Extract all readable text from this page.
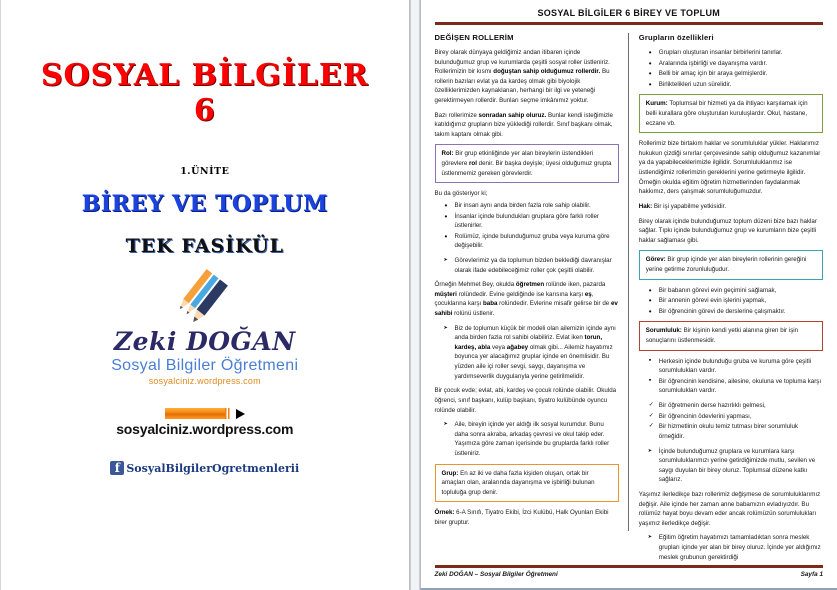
SOSYAL BİLGİLER 6
1.ÜNİTE
BİREY VE TOPLUM
TEK FASİKÜL
Zeki DOĞAN
Sosyal Bilgiler Öğretmeni
sosyalciniz.wordpress.com
sosyalciniz.wordpress.com
f SosyalBilgilerOgretmenlerii
SOSYAL BİLGİLER 6 BİREY VE TOPLUM
DEĞİŞEN ROLLERİM

Birey olarak dünyaya geldiğimiz andan itibaren içinde bulunduğumuz grup ve kurumlarda çeşitli sosyal roller üstleniriz. Rollerimizin bir kısmı doğuştan sahip olduğumuz rollerdir. Bu rollerin bazıları evlat ya da kardeş olmak gibi biyolojik özelliklerimizden kaynaklanan, herhangi bir ilgi ve yeteneği gerektirmeyen rollerdir. Bunları seçme imkânımız yoktur.

Bazı rollerimize sonradan sahip oluruz. Bunlar kendi isteğimizle katıldığımız grupların bize yüklediği rollerdir. Sınıf başkanı olmak, takım kaptanı olmak gibi.

Rol: Bir grup etkinliğinde yer alan bireylerin üstendikleri görevlere rol denir. Bir başka deyişle; üyesi olduğumuz grupta üstlenmemiz gereken görevlerdir.

Bu da gösteriyor ki;

• Bir insan aynı anda birden fazla role sahip olabilir.
• İnsanlar içinde bulundukları gruplara göre farklı roller üstlenirler.
• Rolümüz, içinde bulunduğumuz gruba veya kuruma göre değişebilir.
➤ Görevlerimiz ya da toplumun bizden beklediği davranışlar olarak ifade edebileceğimiz roller çok çeşitli olabilir.

Örneğin Mehmet Bey, okulda öğretmen rolünde iken, pazarda müşteri rolündedir. Evine geldiğinde ise karısına karşı eş, çocuklarına karşı baba rolündedir. Evlerine misafir gelirse bir de ev sahibi rolünü üstlenir.

➤ Biz de toplumun küçük bir modeli olan ailemizin içinde aynı anda birden fazla rol sahibi olabiliriz. Evlat iken torun, kardeş, abla veya ağabey olmak gibi... Ailemiz hayatımız boyunca yer alacağımız gruplar içinde en önemlisidir. Bu yüzden aile içi roller sevgi, saygı, dayanışma ve yardımseverlik duygularıyla yerine getirilmelidir.

Bir çocuk evde; evlat, abi, kardeş ve çocuk rolünde olabilir. Okulda öğrenci, sınıf başkanı, kulüp başkanı, tiyatro kulübünde oyuncu rolünde olabilir.

➤ Aile, bireyin içinde yer aldığı ilk sosyal kurumdur. Bunu daha sonra akraba, arkadaş çevresi ve okul takip eder. Yaşımıza göre zaman içerisinde bu gruplarda farklı roller üstleniriz.
Grup: En az iki ve daha fazla kişiden oluşan, ortak bir amaçları olan, aralarında dayanışma ve işbirliği bulunan topluluğa grup denir.

Örnek: 6-A Sınıfı, Tiyatro Ekibi, İzci Kulübü, Halk Oyunları Ekibi birer gruptur.

Grupların özellikleri
• Grupları oluşturan insanlar birbirlerini tanırlar.
• Aralarında işbirliği ve dayanışma vardır.
• Belli bir amaç için bir araya gelmişlerdir.
• Birliktelikleri uzun sürelidir.
Kurum: Toplumsal bir hizmeti ya da ihtiyacı karşılamak için belli kurallara göre oluşturulan kuruluşlardır. Okul, hastane, eczane vb.

Rollerimiz bize birtakım haklar ve sorumluluklar yükler. Haklarımız hukukun çizdiği sınırlar çerçevesinde sahip olduğumuz kazanımlar ya da yapabileceklerimizle ilgilidir. Sorumluluklarımız ise üstlendiğimiz rollerimizin gereklerini yerine getirmeyle ilgilidir. Örneğin okulda eğitim öğretim hizmetlerinden faydalanmak hakkımız, ders çalışmak sorumluluğumuzdur.

Hak: Bir işi yapabilme yetkisidir.

Birey olarak içinde bulunduğumuz toplum düzeni bize bazı haklar sağlar. Tıpkı içinde bulunduğumuz grup ve kurumların bize çeşitli haklar sağlaması gibi.

Görev: Bir grup içinde yer alan bireylerin rollerinin gereğini yerine getirme zorunluluğudur.
• Bir babanın görevi evin geçimini sağlamak,
• Bir annenin görevi evin işlerini yapmak,
• Bir öğrencinin görevi de derslerine çalışmaktır.
Sorumluluk: Bir kişinin kendi yetki alanına giren bir işin sonuçlarını üstlenmesidir.
▪ Herkesin içinde bulunduğu gruba ve kuruma göre çeşitli sorumlulukları vardır.
▪ Bir öğrencinin kendisine, ailesine, okuluna ve topluma karşı sorumlulukları vardır.
✓ Bir öğretmenin derse hazırlıklı gelmesi,
✓ Bir öğrencinin ödevlerini yapması,
✓ Bir hizmetlinin okulu temiz tutması birer sorumluluk örneğidir.
➤ İçinde bulunduğumuz gruplara ve kurumlara karşı sorumluluklarımızı yerine getirdiğimizde mutlu, sevilen ve saygı duyulan bir birey oluruz. Toplumsal düzene katkı sağlarız.

Yaşımız ilerledikçe bazı rollerimiz değişmese de sorumluluklarımız değişir. Aile içinde her zaman anne babamızın evladıyızdır. Bu rolümüz hayat boyu devam eder ancak rolümüzün sorumlulukları yaşımız ilerledikçe değişir.

➤ Eğitim öğretim hayatımızı tamamladıktan sonra meslek grupları içinde yer alan bir birey oluruz. İçinde yer aldığımız meslek grubunun gerektirdiği
Zeki DOĞAN – Sosyal Bilgiler Öğretmeni	Sayfa 1
